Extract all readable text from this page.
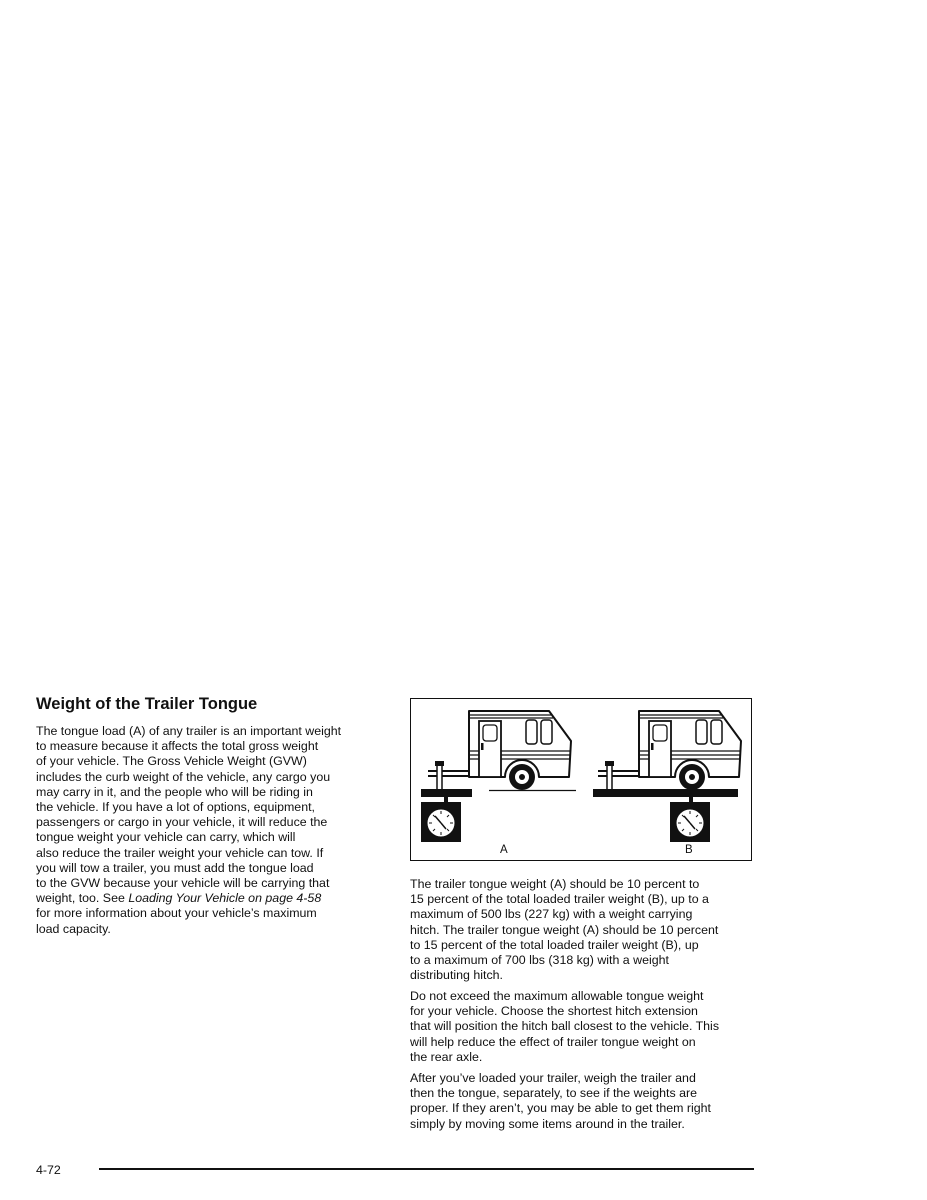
Weight of the Trailer Tongue

The tongue load (A) of any trailer is an important weight
to measure because it affects the total gross weight
of your vehicle. The Gross Vehicle Weight (GVW)
includes the curb weight of the vehicle, any cargo you
may carry in it, and the people who will be riding in
the vehicle. If you have a lot of options, equipment,
passengers or cargo in your vehicle, it will reduce the
tongue weight your vehicle can carry, which will
also reduce the trailer weight your vehicle can tow. If
you will tow a trailer, you must add the tongue load
to the GVW because your vehicle will be carrying that
weight, too. See Loading Your Vehicle on page 4-58
for more information about your vehicle’s maximum
load capacity.

A	B

The trailer tongue weight (A) should be 10 percent to
15 percent of the total loaded trailer weight (B), up to a
maximum of 500 lbs (227 kg) with a weight carrying
hitch. The trailer tongue weight (A) should be 10 percent
to 15 percent of the total loaded trailer weight (B), up
to a maximum of 700 lbs (318 kg) with a weight
distributing hitch.

Do not exceed the maximum allowable tongue weight
for your vehicle. Choose the shortest hitch extension
that will position the hitch ball closest to the vehicle. This
will help reduce the effect of trailer tongue weight on
the rear axle.

After you’ve loaded your trailer, weigh the trailer and
then the tongue, separately, to see if the weights are
proper. If they aren’t, you may be able to get them right
simply by moving some items around in the trailer.

4-72
